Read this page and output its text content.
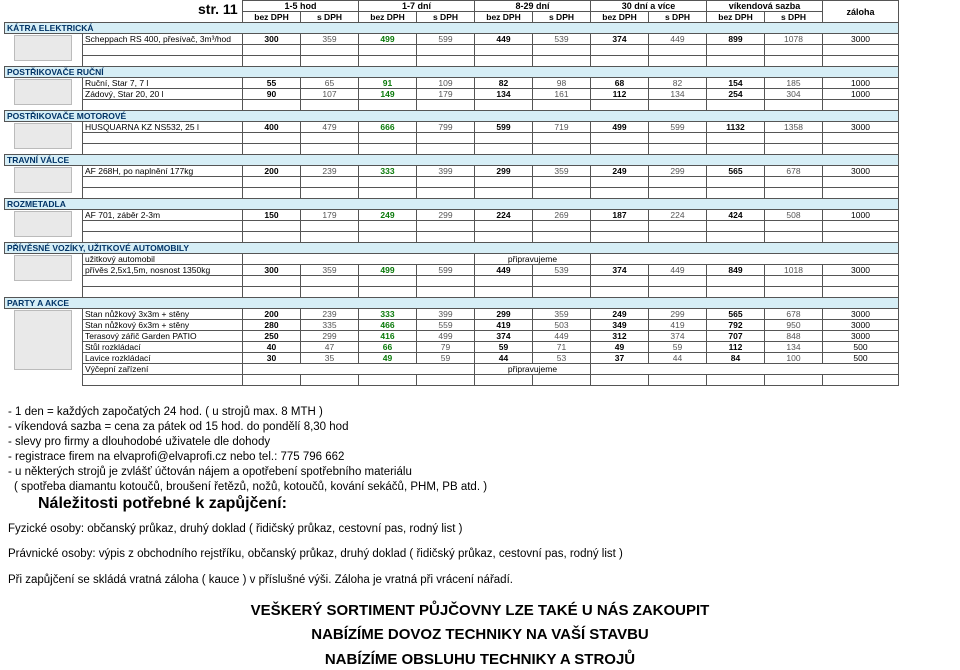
str. 11
		1-5 hod		1-7 dní		8-29 dní		30 dní a více		víkendová sazba		záloha
		bez DPH	s DPH	bez DPH	s DPH	bez DPH	s DPH	bez DPH	s DPH	bez DPH	s DPH	
KÁTRA ELEKTRICKÁ												
	Scheppach RS 400, přesívač, 3m³/hod	300	359	499	599	449	539	374	449	899	1078	3000

POSTŘIKOVAČE RUČNÍ												
	Ruční, Star 7, 7 l	55	65	91	109	82	98	68	82	154	185	1000
	Zádový, Star 20, 20 l	90	107	149	179	134	161	112	134	254	304	1000

POSTŘIKOVAČE MOTOROVÉ												
	HUSQUARNA KZ NS532, 25 l	400	479	666	799	599	719	499	599	1132	1358	3000

TRAVNÍ VÁLCE												
	AF 268H, po naplnění 177kg	200	239	333	399	299	359	249	299	565	678	3000

ROZMETADLA												
	AF 701, záběr 2-3m	150	179	249	299	224	269	187	224	424	508	1000

PŘÍVĚSNÉ VOZÍKY, UŽITKOVÉ AUTOMOBILY												
	užitkový automobil					připravujeme						
	přívěs 2,5x1,5m, nosnost 1350kg	300	359	499	599	449	539	374	449	849	1018	3000

PARTY A AKCE												
	Stan nůžkový 3x3m + stěny	200	239	333	399	299	359	249	299	565	678	3000
	Stan nůžkový 6x3m + stěny	280	335	466	559	419	503	349	419	792	950	3000
	Terasový zářič Garden PATIO	250	299	416	499	374	449	312	374	707	848	3000
	Stůl rozkládací	40	47	66	79	59	71	49	59	112	134	500
	Lavice rozkládací	30	35	49	59	44	53	37	44	84	100	500
	Výčepní zařízení					připravujeme						

- 1 den = každých započatých 24 hod. ( u strojů max. 8 MTH )
- víkendová sazba = cena za pátek od 15 hod. do pondělí 8,30 hod
- slevy pro firmy a dlouhodobé uživatele dle dohody
- registrace firem na elvaprofi@elvaprofi.cz nebo tel.: 775 796 662
- u některých strojů je zvlášť účtován nájem a opotřebení spotřebního materiálu
( spotřeba diamantu kotoučů, broušení řetězů, nožů, kotoučů, kování sekáčů, PHM, PB atd. )
Náležitosti potřebné k zapůjčení:
Fyzické osoby: občanský průkaz, druhý doklad ( řidičský průkaz, cestovní pas, rodný list )
Právnické osoby: výpis z obchodního rejstříku, občanský průkaz, druhý doklad ( řidičský průkaz, cestovní pas, rodný list )
Při zapůjčení se skládá vratná záloha ( kauce ) v příslušné výši. Záloha je vratná při vrácení nářadí.
VEŠKERÝ SORTIMENT PŮJČOVNY LZE TAKÉ U NÁS ZAKOUPIT
NABÍZÍME DOVOZ TECHNIKY NA VAŠÍ STAVBU
NABÍZÍME OBSLUHU TECHNIKY A STROJŮ
